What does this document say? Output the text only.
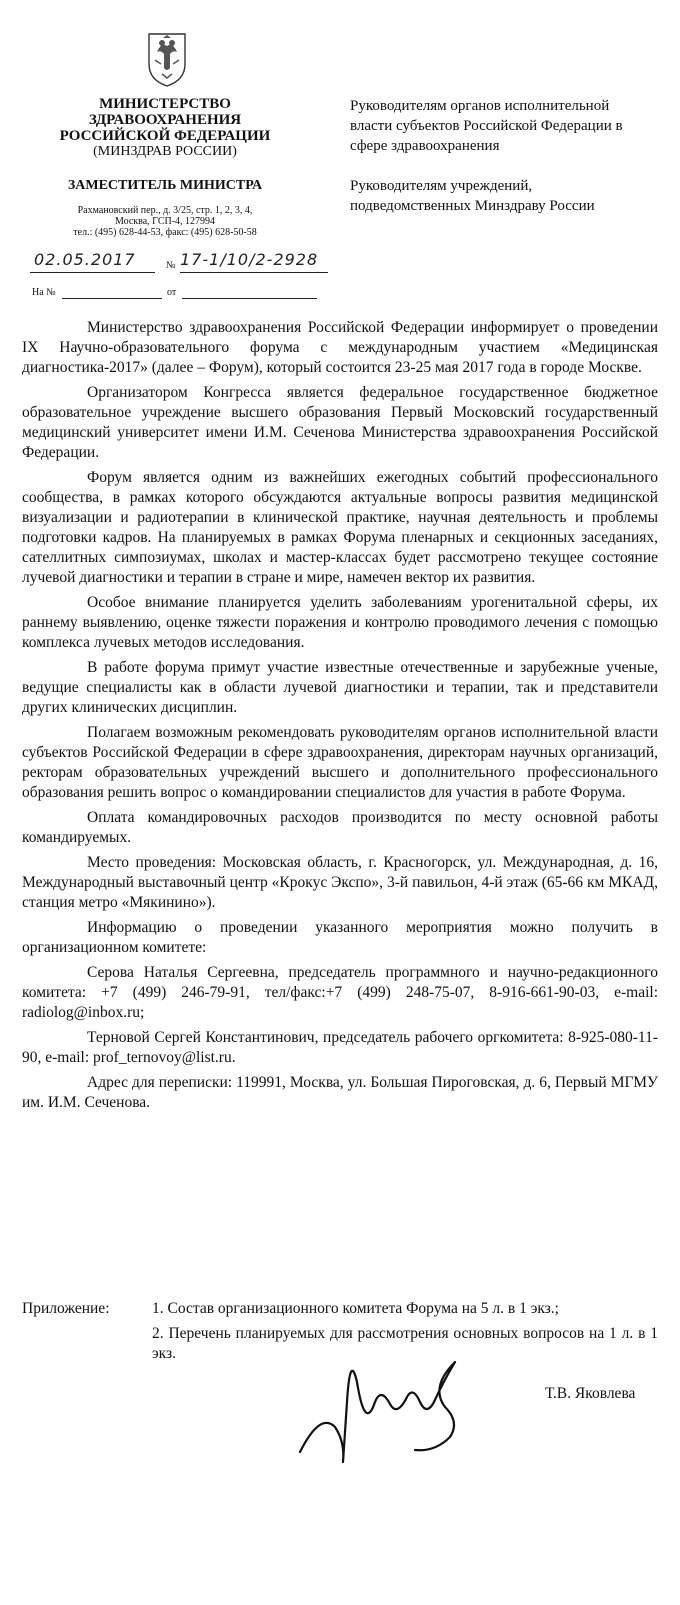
МИНИСТЕРСТВО
ЗДРАВООХРАНЕНИЯ
РОССИЙСКОЙ ФЕДЕРАЦИИ
(МИНЗДРАВ РОССИИ)
ЗАМЕСТИТЕЛЬ МИНИСТРА
Рахмановский пер., д. 3/25, стр. 1, 2, 3, 4,
Москва, ГСП-4, 127994
тел.: (495) 628-44-53, факс: (495) 628-50-58
02.05.2017	№ 17-1/10/2-2928
На №	от
Руководителям органов исполнительной власти субъектов Российской Федерации в сфере здравоохранения
Руководителям учреждений, подведомственных Минздраву России

Министерство здравоохранения Российской Федерации информирует о проведении IX Научно-образовательного форума с международным участием «Медицинская диагностика-2017» (далее – Форум), который состоится 23-25 мая 2017 года в городе Москве.

Организатором Конгресса является федеральное государственное бюджетное образовательное учреждение высшего образования Первый Московский государственный медицинский университет имени И.М. Сеченова Министерства здравоохранения Российской Федерации.

Форум является одним из важнейших ежегодных событий профессионального сообщества, в рамках которого обсуждаются актуальные вопросы развития медицинской визуализации и радиотерапии в клинической практике, научная деятельность и проблемы подготовки кадров. На планируемых в рамках Форума пленарных и секционных заседаниях, сателлитных симпозиумах, школах и мастер-классах будет рассмотрено текущее состояние лучевой диагностики и терапии в стране и мире, намечен вектор их развития.

Особое внимание планируется уделить заболеваниям урогенитальной сферы, их раннему выявлению, оценке тяжести поражения и контролю проводимого лечения с помощью комплекса лучевых методов исследования.

В работе форума примут участие известные отечественные и зарубежные ученые, ведущие специалисты как в области лучевой диагностики и терапии, так и представители других клинических дисциплин.

Полагаем возможным рекомендовать руководителям органов исполнительной власти субъектов Российской Федерации в сфере здравоохранения, директорам научных организаций, ректорам образовательных учреждений высшего и дополнительного профессионального образования решить вопрос о командировании специалистов для участия в работе Форума.

Оплата командировочных расходов производится по месту основной работы командируемых.

Место проведения: Московская область, г. Красногорск, ул. Международная, д. 16, Международный выставочный центр «Крокус Экспо», 3-й павильон, 4-й этаж (65-66 км МКАД, станция метро «Мякинино»).

Информацию о проведении указанного мероприятия можно получить в организационном комитете:

Серова Наталья Сергеевна, председатель программного и научно-редакционного комитета: +7 (499) 246-79-91, тел/факс:+7 (499) 248-75-07, 8-916-661-90-03, e-mail: radiolog@inbox.ru;

Терновой Сергей Константинович, председатель рабочего оргкомитета: 8-925-080-11-90, e-mail: prof_ternovoy@list.ru.

Адрес для переписки: 119991, Москва, ул. Большая Пироговская, д. 6, Первый МГМУ им. И.М. Сеченова.

Приложение:	1. Состав организационного комитета Форума на 5 л. в 1 экз.;
2. Перечень планируемых для рассмотрения основных вопросов на 1 л. в 1 экз.
Т.В. Яковлева
